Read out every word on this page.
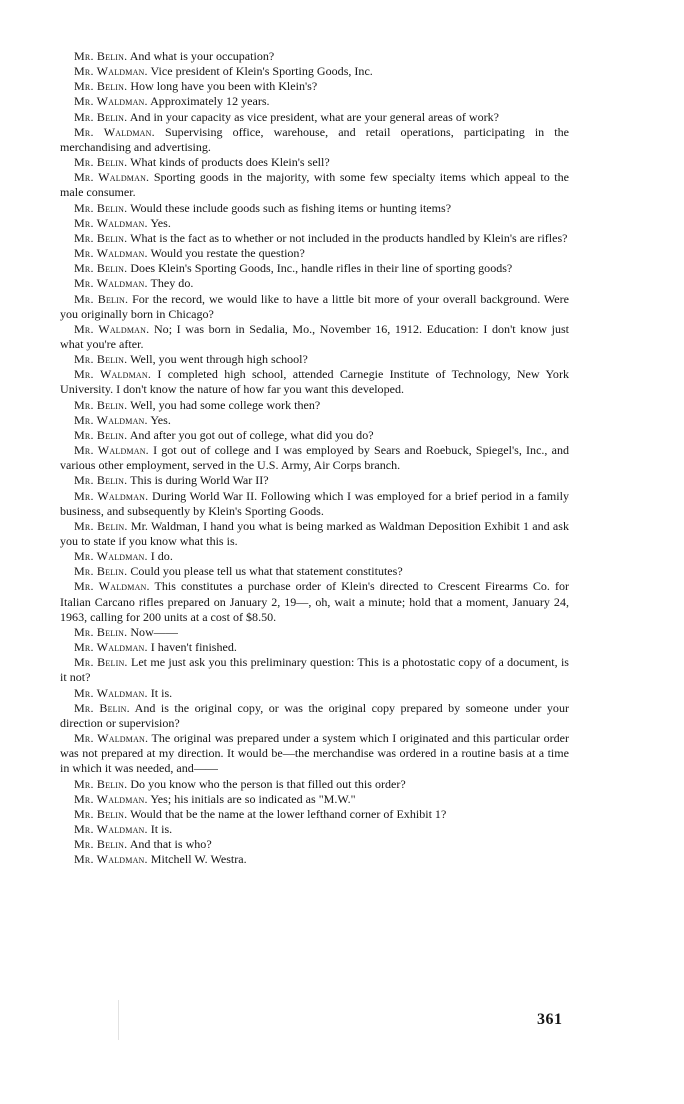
Mr. Belin. And what is your occupation?

Mr. Waldman. Vice president of Klein's Sporting Goods, Inc.

Mr. Belin. How long have you been with Klein's?

Mr. Waldman. Approximately 12 years.

Mr. Belin. And in your capacity as vice president, what are your general areas of work?

Mr. Waldman. Supervising office, warehouse, and retail operations, participating in the merchandising and advertising.

Mr. Belin. What kinds of products does Klein's sell?

Mr. Waldman. Sporting goods in the majority, with some few specialty items which appeal to the male consumer.

Mr. Belin. Would these include goods such as fishing items or hunting items?

Mr. Waldman. Yes.

Mr. Belin. What is the fact as to whether or not included in the products handled by Klein's are rifles?

Mr. Waldman. Would you restate the question?

Mr. Belin. Does Klein's Sporting Goods, Inc., handle rifles in their line of sporting goods?

Mr. Waldman. They do.

Mr. Belin. For the record, we would like to have a little bit more of your overall background. Were you originally born in Chicago?

Mr. Waldman. No; I was born in Sedalia, Mo., November 16, 1912. Education: I don't know just what you're after.

Mr. Belin. Well, you went through high school?

Mr. Waldman. I completed high school, attended Carnegie Institute of Technology, New York University. I don't know the nature of how far you want this developed.

Mr. Belin. Well, you had some college work then?

Mr. Waldman. Yes.

Mr. Belin. And after you got out of college, what did you do?

Mr. Waldman. I got out of college and I was employed by Sears and Roebuck, Spiegel's, Inc., and various other employment, served in the U.S. Army, Air Corps branch.

Mr. Belin. This is during World War II?

Mr. Waldman. During World War II. Following which I was employed for a brief period in a family business, and subsequently by Klein's Sporting Goods.

Mr. Belin. Mr. Waldman, I hand you what is being marked as Waldman Deposition Exhibit 1 and ask you to state if you know what this is.

Mr. Waldman. I do.

Mr. Belin. Could you please tell us what that statement constitutes?

Mr. Waldman. This constitutes a purchase order of Klein's directed to Crescent Firearms Co. for Italian Carcano rifles prepared on January 2, 19—, oh, wait a minute; hold that a moment, January 24, 1963, calling for 200 units at a cost of $8.50.

Mr. Belin. Now——

Mr. Waldman. I haven't finished.

Mr. Belin. Let me just ask you this preliminary question: This is a photostatic copy of a document, is it not?

Mr. Waldman. It is.

Mr. Belin. And is the original copy, or was the original copy prepared by someone under your direction or supervision?

Mr. Waldman. The original was prepared under a system which I originated and this particular order was not prepared at my direction. It would be—the merchandise was ordered in a routine basis at a time in which it was needed, and——

Mr. Belin. Do you know who the person is that filled out this order?

Mr. Waldman. Yes; his initials are so indicated as "M.W."

Mr. Belin. Would that be the name at the lower lefthand corner of Exhibit 1?

Mr. Waldman. It is.

Mr. Belin. And that is who?

Mr. Waldman. Mitchell W. Westra.

361
